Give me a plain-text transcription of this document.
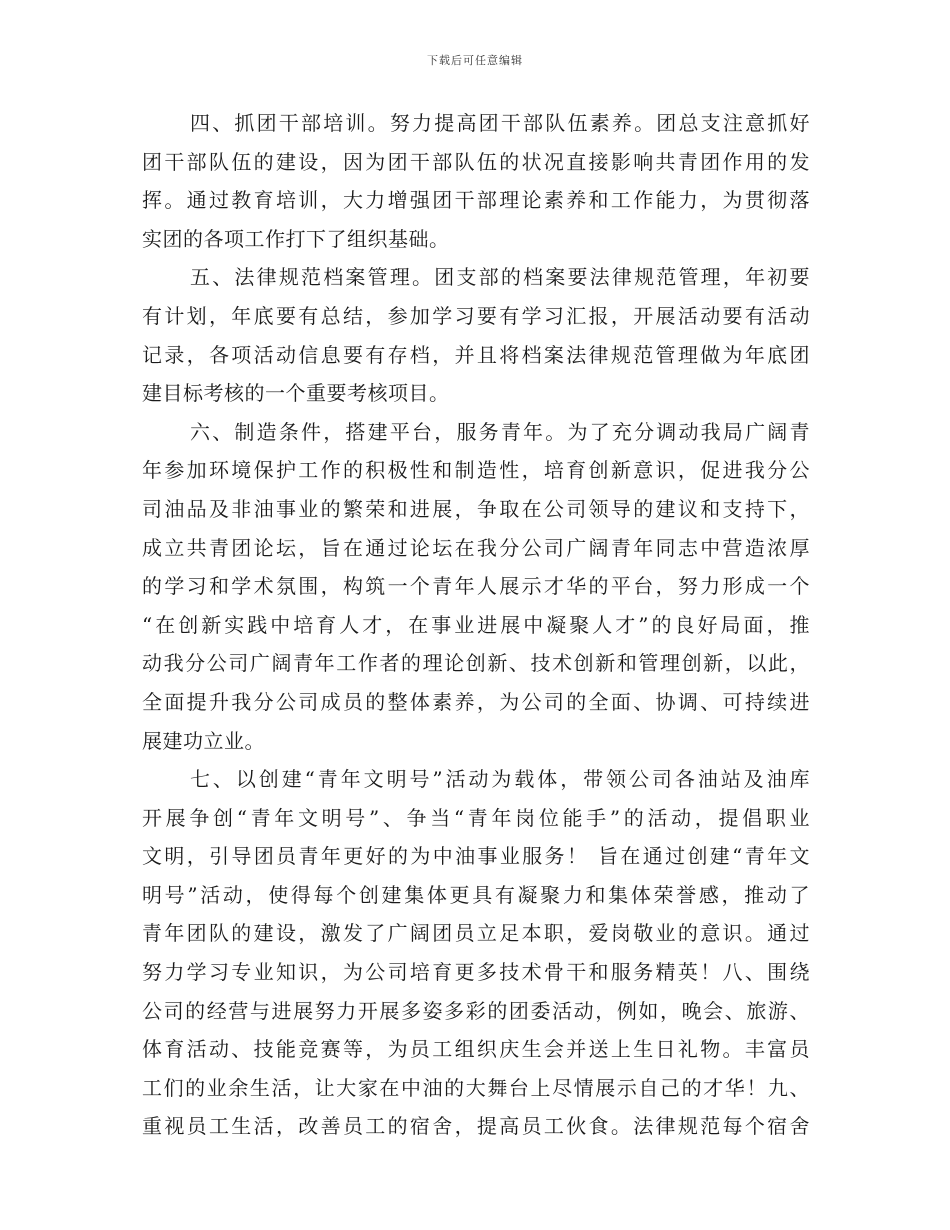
下载后可任意编辑
四、抓团干部培训。努力提高团干部队伍素养。团总支注意抓好
团干部队伍的建设，因为团干部队伍的状况直接影响共青团作用的发
挥。通过教育培训，大力增强团干部理论素养和工作能力，为贯彻落
实团的各项工作打下了组织基础。
五、法律规范档案管理。团支部的档案要法律规范管理，年初要
有计划，年底要有总结，参加学习要有学习汇报，开展活动要有活动
记录，各项活动信息要有存档，并且将档案法律规范管理做为年底团
建目标考核的一个重要考核项目。
六、制造条件，搭建平台，服务青年。为了充分调动我局广阔青
年参加环境保护工作的积极性和制造性，培育创新意识，促进我分公
司油品及非油事业的繁荣和进展，争取在公司领导的建议和支持下，
成立共青团论坛，旨在通过论坛在我分公司广阔青年同志中营造浓厚
的学习和学术氛围，构筑一个青年人展示才华的平台，努力形成一个
“在创新实践中培育人才，在事业进展中凝聚人才”的良好局面，推
动我分公司广阔青年工作者的理论创新、技术创新和管理创新，以此，
全面提升我分公司成员的整体素养，为公司的全面、协调、可持续进
展建功立业。
七、以创建“青年文明号”活动为载体，带领公司各油站及油库
开展争创“青年文明号”、争当“青年岗位能手”的活动，提倡职业
文明，引导团员青年更好的为中油事业服务！ 旨在通过创建“青年文
明号”活动，使得每个创建集体更具有凝聚力和集体荣誉感，推动了
青年团队的建设，激发了广阔团员立足本职，爱岗敬业的意识。通过
努力学习专业知识，为公司培育更多技术骨干和服务精英！八、围绕
公司的经营与进展努力开展多姿多彩的团委活动，例如，晚会、旅游、
体育活动、技能竞赛等，为员工组织庆生会并送上生日礼物。丰富员
工们的业余生活，让大家在中油的大舞台上尽情展示自己的才华！九、
重视员工生活，改善员工的宿舍，提高员工伙食。法律规范每个宿舍
